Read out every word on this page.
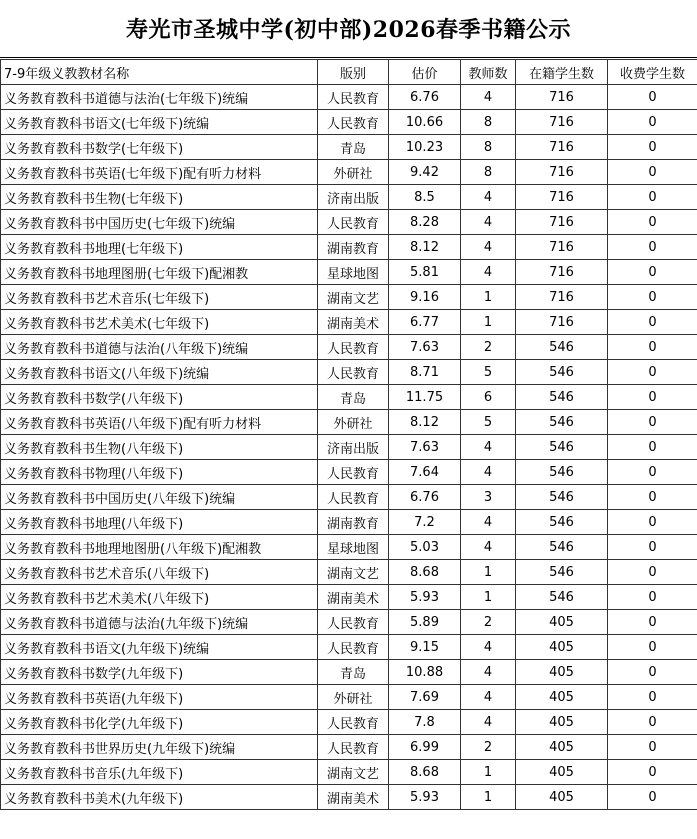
寿光市圣城中学(初中部)2026春季书籍公示
7-9年级义教教材名称	版别	估价	教师数	在籍学生数	收费学生数
义务教育教科书道德与法治(七年级下)统编	人民教育	6.76	4	716	0
义务教育教科书语文(七年级下)统编	人民教育	10.66	8	716	0
义务教育教科书数学(七年级下)	青岛	10.23	8	716	0
义务教育教科书英语(七年级下)配有听力材料	外研社	9.42	8	716	0
义务教育教科书生物(七年级下)	济南出版	8.5	4	716	0
义务教育教科书中国历史(七年级下)统编	人民教育	8.28	4	716	0
义务教育教科书地理(七年级下)	湖南教育	8.12	4	716	0
义务教育教科书地理图册(七年级下)配湘教	星球地图	5.81	4	716	0
义务教育教科书艺术音乐(七年级下)	湖南文艺	9.16	1	716	0
义务教育教科书艺术美术(七年级下)	湖南美术	6.77	1	716	0
义务教育教科书道德与法治(八年级下)统编	人民教育	7.63	2	546	0
义务教育教科书语文(八年级下)统编	人民教育	8.71	5	546	0
义务教育教科书数学(八年级下)	青岛	11.75	6	546	0
义务教育教科书英语(八年级下)配有听力材料	外研社	8.12	5	546	0
义务教育教科书生物(八年级下)	济南出版	7.63	4	546	0
义务教育教科书物理(八年级下)	人民教育	7.64	4	546	0
义务教育教科书中国历史(八年级下)统编	人民教育	6.76	3	546	0
义务教育教科书地理(八年级下)	湖南教育	7.2	4	546	0
义务教育教科书地理地图册(八年级下)配湘教	星球地图	5.03	4	546	0
义务教育教科书艺术音乐(八年级下)	湖南文艺	8.68	1	546	0
义务教育教科书艺术美术(八年级下)	湖南美术	5.93	1	546	0
义务教育教科书道德与法治(九年级下)统编	人民教育	5.89	2	405	0
义务教育教科书语文(九年级下)统编	人民教育	9.15	4	405	0
义务教育教科书数学(九年级下)	青岛	10.88	4	405	0
义务教育教科书英语(九年级下)	外研社	7.69	4	405	0
义务教育教科书化学(九年级下)	人民教育	7.8	4	405	0
义务教育教科书世界历史(九年级下)统编	人民教育	6.99	2	405	0
义务教育教科书音乐(九年级下)	湖南文艺	8.68	1	405	0
义务教育教科书美术(九年级下)	湖南美术	5.93	1	405	0
